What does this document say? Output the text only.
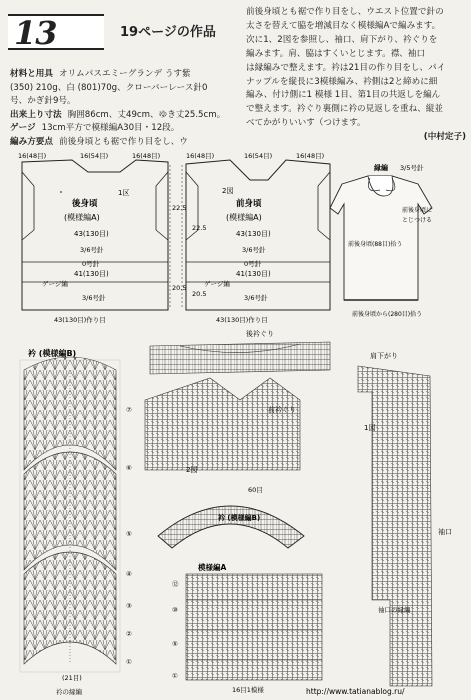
13	19ページの作品
材料と用具 オリムパスエミーグランデ うす紫
(350) 210g、白 (801)70g、クローバーレース針0
号、かぎ針9号。
出来上り寸法 胸囲86cm、丈49cm、ゆき丈25.5cm。
ゲージ 13cm平方で模様編A30目・12段。
編み方要点 前後身頃とも裾で作り目をし、ウ
前後身頃とも裾で作り目をし、ウエスト位置で針の
太さを替えて脇を増減目なく模様編Aで編みます。
次に1、2図を参照し、袖口、肩下がり、衿ぐりを
編みます。肩、脇はすくいとじます。襟、袖口
は縁編みで整えます。衿は21目の作り目をし、パイ
ナップルを縦長に3模様編み、衿側は2と締めに細
編み、付け側に1 模様 1目、第1目の共返しを編ん
で整えます。衿ぐり裏側に衿の見返しを重ね、縦並
べてかがりいいす（つけます。
(中村定子)
16(48目)	16(54目)	16(48目)
1区
後身頃
(模様編A)
43(130目)
3/6号針
0号針
41(130目)
ゲージ編
3/6号針
43(130目)作り目
22.5
20.5
16(48目)	16(54目)	16(48目)
2図
前身頃
(模様編A)
43(130目)
3/6号針
0号針
41(130目)
ゲージ編
3/6号針
43(130目)作り目
22.5
20.5
縁編 3/5号針
前後身頃に
とじつける
前後身頃(88目)拾う
前後身頃から(280目)拾う
衿 (模様編B)
⑦
⑥
⑤
④
③
②
①
(21目)
衿の縁編
後衿ぐり
前衿ぐり
2図
肩下がり
1図
袖口
袖口の縁編
60目
衿 (模様編B)
模様編A
⑫
⑩
⑤
①
16目1模様	http://www.tatianablog.ru/
